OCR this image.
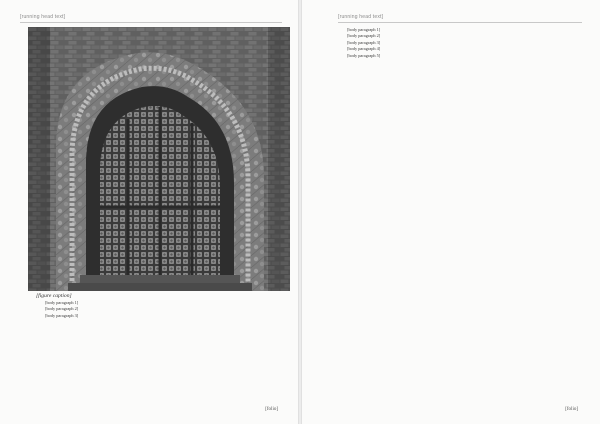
[running head text]
[figure caption]

[body paragraph 1]

[body paragraph 2]

[body paragraph 3]

[folio]
[running head text]

[body paragraph 1]

[body paragraph 2]

[body paragraph 3]

[body paragraph 4]

[body paragraph 5]

[folio]
